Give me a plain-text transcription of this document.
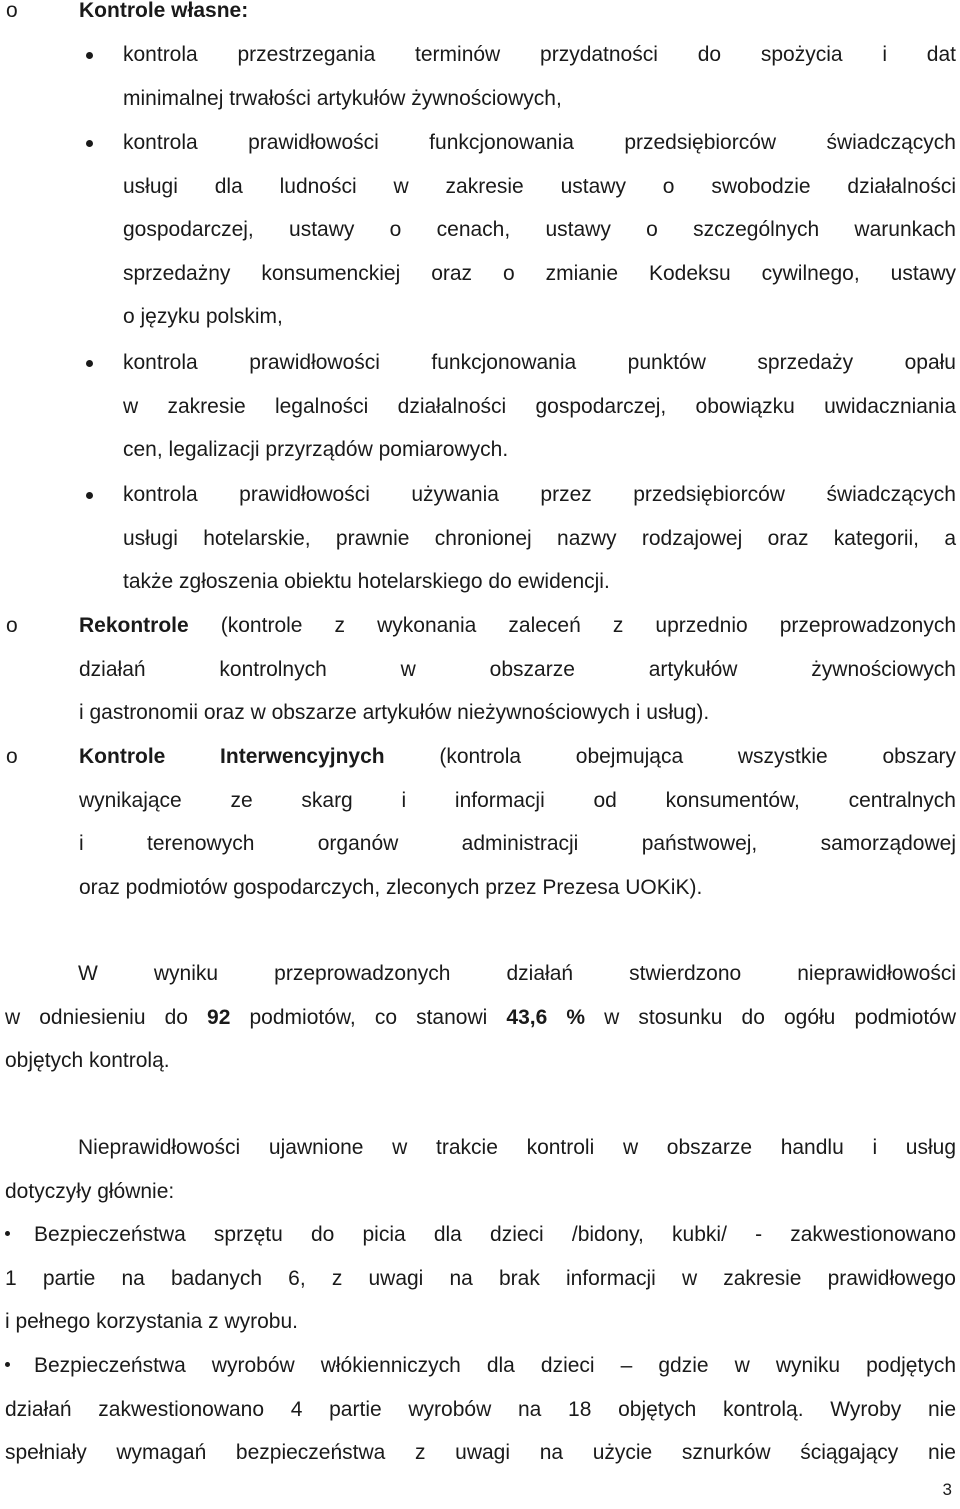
o	Kontrole własne:
kontrola przestrzegania terminów przydatności do spożycia i dat
minimalnej trwałości artykułów żywnościowych,
kontrola prawidłowości funkcjonowania przedsiębiorców świadczących
usługi dla ludności w zakresie ustawy o swobodzie działalności
gospodarczej, ustawy o cenach, ustawy o szczególnych warunkach
sprzedażny konsumenckiej oraz o zmianie Kodeksu cywilnego, ustawy
o języku polskim,
kontrola prawidłowości funkcjonowania punktów sprzedaży opału
w zakresie legalności działalności gospodarczej, obowiązku uwidaczniania
cen, legalizacji przyrządów pomiarowych.
kontrola prawidłowości używania przez przedsiębiorców świadczących
usługi hotelarskie, prawnie chronionej nazwy rodzajowej oraz kategorii, a
także zgłoszenia obiektu hotelarskiego do ewidencji.
o	Rekontrole (kontrole z wykonania zaleceń z uprzednio przeprowadzonych
działań kontrolnych w obszarze artykułów żywnościowych
i gastronomii oraz w obszarze artykułów nieżywnościowych i usług).
o	Kontrole Interwencyjnych (kontrola obejmująca wszystkie obszary
wynikające ze skarg i informacji od konsumentów, centralnych
i terenowych organów administracji państwowej, samorządowej
oraz podmiotów gospodarczych, zleconych przez Prezesa UOKiK).
W wyniku przeprowadzonych działań stwierdzono nieprawidłowości
w odniesieniu do 92 podmiotów, co stanowi 43,6 % w stosunku do ogółu podmiotów
objętych kontrolą.
Nieprawidłowości ujawnione w trakcie kontroli w obszarze handlu i usług
dotyczyły głównie:
Bezpieczeństwa sprzętu do picia dla dzieci /bidony, kubki/ - zakwestionowano
1 partie na badanych 6, z uwagi na brak informacji w zakresie prawidłowego
i pełnego korzystania z wyrobu.
Bezpieczeństwa wyrobów włókienniczych dla dzieci – gdzie w wyniku podjętych
działań zakwestionowano 4 partie wyrobów na 18 objętych kontrolą. Wyroby nie
spełniały wymagań bezpieczeństwa z uwagi na użycie sznurków ściągający nie
3
